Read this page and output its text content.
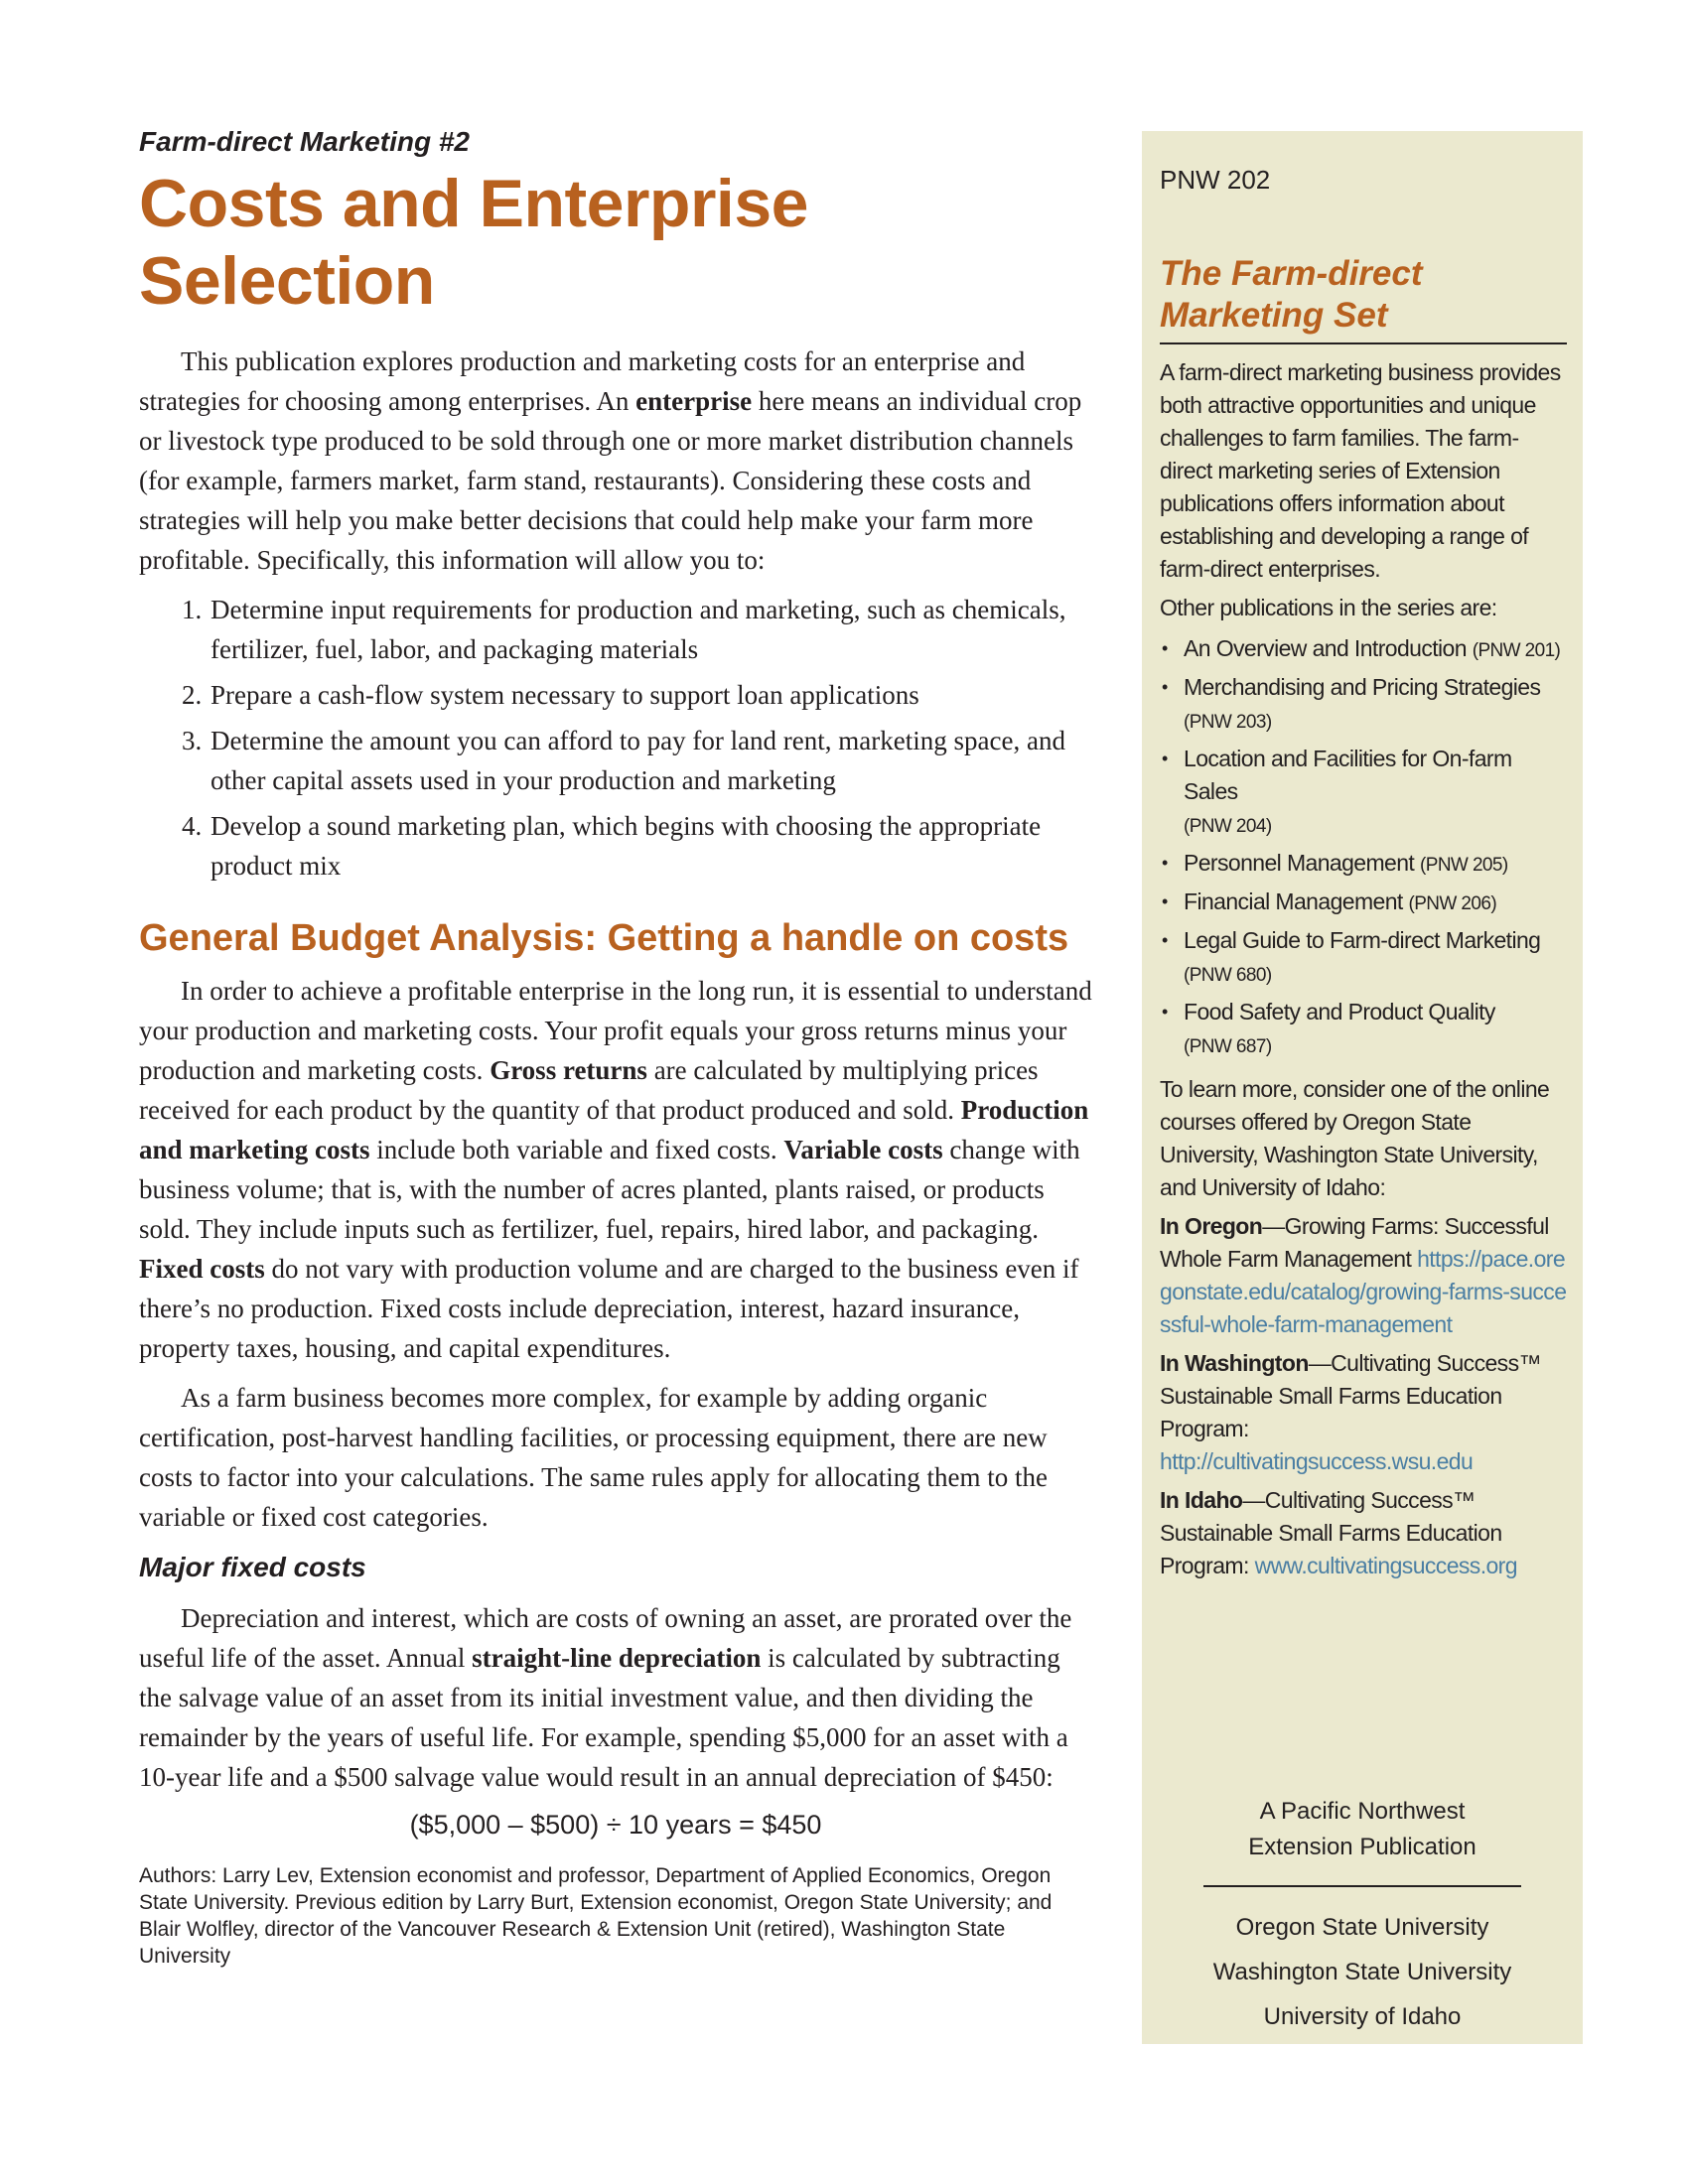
Farm-direct Marketing #2

Costs and Enterprise Selection

This publication explores production and marketing costs for an enterprise and strategies for choosing among enterprises. An enterprise here means an individual crop or livestock type produced to be sold through one or more market distribution channels (for example, farmers market, farm stand, restaurants). Considering these costs and strategies will help you make better decisions that could help make your farm more profitable. Specifically, this information will allow you to:

1. Determine input requirements for production and marketing, such as chemicals, fertilizer, fuel, labor, and packaging materials
2. Prepare a cash-flow system necessary to support loan applications
3. Determine the amount you can afford to pay for land rent, marketing space, and other capital assets used in your production and marketing
4. Develop a sound marketing plan, which begins with choosing the appropriate product mix
General Budget Analysis: Getting a handle on costs

In order to achieve a profitable enterprise in the long run, it is essential to understand your production and marketing costs. Your profit equals your gross returns minus your production and marketing costs. Gross returns are calculated by multiplying prices received for each product by the quantity of that product produced and sold. Production and marketing costs include both variable and fixed costs. Variable costs change with business volume; that is, with the number of acres planted, plants raised, or products sold. They include inputs such as fertilizer, fuel, repairs, hired labor, and packaging. Fixed costs do not vary with production volume and are charged to the business even if there’s no production. Fixed costs include depreciation, interest, hazard insurance, property taxes, housing, and capital expenditures.

As a farm business becomes more complex, for example by adding organic certification, post-harvest handling facilities, or processing equipment, there are new costs to factor into your calculations. The same rules apply for allocating them to the variable or fixed cost categories.

Major fixed costs

Depreciation and interest, which are costs of owning an asset, are prorated over the useful life of the asset. Annual straight-line depreciation is calculated by subtracting the salvage value of an asset from its initial investment value, and then dividing the remainder by the years of useful life. For example, spending $5,000 for an asset with a 10-year life and a $500 salvage value would result in an annual depreciation of $450:

($5,000 – $500) ÷ 10 years = $450

Authors: Larry Lev, Extension economist and professor, Department of Applied Economics, Oregon State University. Previous edition by Larry Burt, Extension economist, Oregon State University; and Blair Wolfley, director of the Vancouver Research & Extension Unit (retired), Washington State University

PNW 202
The Farm-direct Marketing Set

A farm-direct marketing business provides both attractive opportunities and unique challenges to farm families. The farm-direct marketing series of Extension publications offers information about establishing and developing a range of farm-direct enterprises.

Other publications in the series are:

• An Overview and Introduction (PNW 201)
• Merchandising and Pricing Strategies
(PNW 203)
• Location and Facilities for On-farm Sales
(PNW 204)
• Personnel Management (PNW 205)
• Financial Management (PNW 206)
• Legal Guide to Farm-direct Marketing
(PNW 680)
• Food Safety and Product Quality
(PNW 687)

To learn more, consider one of the online courses offered by Oregon State University, Washington State University, and University of Idaho:

In Oregon—Growing Farms: Successful Whole Farm Management https://pace.oregonstate.edu/catalog/growing-farms-successful-whole-farm-management

In Washington—Cultivating Success™ Sustainable Small Farms Education Program: http://cultivatingsuccess.wsu.edu

In Idaho—Cultivating Success™ Sustainable Small Farms Education Program: www.cultivatingsuccess.org

A Pacific Northwest

Extension Publication

Oregon State University

Washington State University

University of Idaho
